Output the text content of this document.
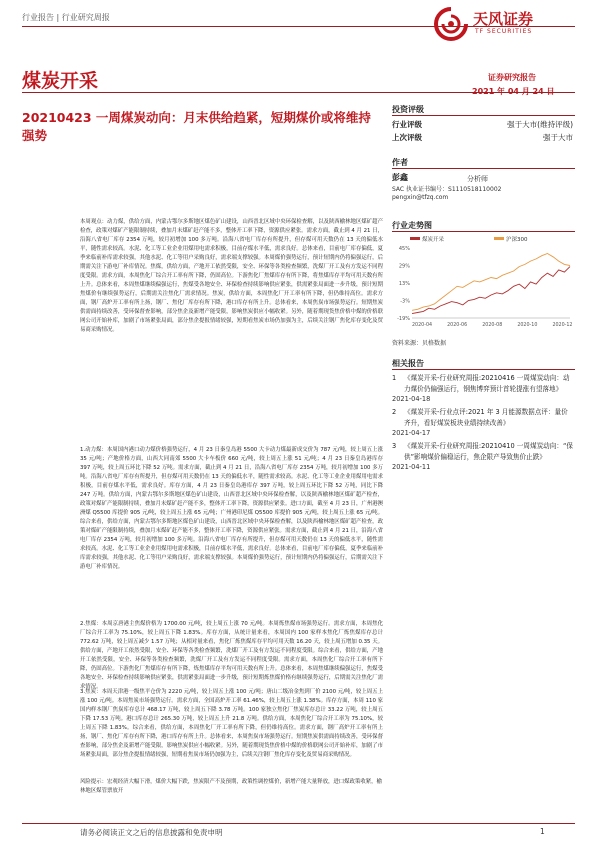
行业报告 | 行业研究周报	天风证券
TF SECURITIES
煤炭开采	证券研究报告
20210423 一周煤炭动向：月末供给趋紧，短期煤价或将维持强势
投资评级
行业评级	强于大市(维持评级)
上次评级	强于大市
作者
彭鑫	分析师
SAC 执业证书编号：S1110518110002
pengxin@tfzq.com
行业走势图
45%
29%
13%
-3%
-19%
2020-04	2020-06	2020-08	2020-10	2020-12
煤炭开采	沪深300
资料来源：贝格数据
相关报告
1	《煤炭开采-行业研究周报:20210416 一周煤炭动向：动力煤价仍偏强运行，钢焦博弈预计首轮提涨有望落地》
2021-04-18
2	《煤炭开采-行业点评:2021 年 3 月能源数据点评：量价齐升，看好煤炭板块业绩持续改善》
2021-04-17
3	《煤炭开采-行业研究周报:20210410 一周煤炭动向：“保供”影响煤价偏稳运行，焦企限产导致焦价止跌》
2021-04-11
本周观点：动力煤，供给方面，内蒙古鄂尔多斯地区煤色矿山建设，山西晋北区域中央环保检查解，以及陕西榆林地区煤矿超产检查，政策对煤矿产能限制持续，叠加月末煤矿赶产能不多，整体开工率下降，资源供应紧张。需求方面，截止到 4 月 21 日，沿海八省电厂库存 2354 万吨，较月初增加 100 多万吨。沿海八省电厂库存有所提升，但存煤可用天数仍在 13 天的偏低水平，随性需求较高。水泥、化工等工业企业用煤用电需求积极，目前存煤水平低，需求良好。总体来看，目前电厂库存偏低，夏季来临前补库需求较强，其他水泥、化工等用户采购良好，需求端支撑较强。本周煤价强势运行，预计短期内仍将偏强运行，后期需关注下游电厂补库情况。焦煤，供给方面，产地开工依然受限，安全、环保等各类检查频繁，洗煤厂开工及有方发运不同程度受限。需求方面，本周焦化厂综合开工率有所下降，仍固高位。下游焦化厂焦煤库存有所下降，将焦煤库存平均可用天数有所上升。总体来看，本周焦煤继续偏强运行，焦煤受各地安全、环保检查持续影响供应紧张，供需紧张局面进一步升级，预计短期焦煤价有继续强势运行，后期需关注焦化厂需求情况。焦炭，供给方面，本周焦化厂开工率有所下降，但仍维持高位。需求方面，钢厂高炉开工率有所上扬，钢厂、焦化厂库存有所下降，港口库存有所上升。总体看来，本周焦炭市场强势运行。短期焦炭供需面持续改善，受环保督查影响，部分焦企及新增产能受限，影响焦炭供应小幅收紧。另外，随着期现货焦价格中煤的价格联网公司开始补库，加剧了市场紧张局面，部分焦企提报情绪较强，短期看焦炭市场仍加强为主，后续关注钢厂焦化库存变化及贸易商采购情况。
1.动力煤：本周国内港口动力煤价格强势运行，4 月 23 日秦皇岛港 5500 大卡动力煤最新成交价为 787 元/吨，较上周五上涨 35 元/吨；产地价格方面，山西大同南郊 5500 大卡车板价 660 元/吨，较上周五上涨 51 元/吨；4 月 23 日秦皇岛港库存 397 万吨，较上周五环比下降 52 万吨。需求方面，截止到 4 月 21 日，沿海八省电厂库存 2354 万吨，较月初增加 100 多万吨。沿海八省电厂库存有所提升，但存煤可用天数仍在 13 天的偏低水平，随性需求较高。水泥、化工等工业企业用煤用电需求积极，目前存煤水平低，需求良好。库存方面，4 月 23 日秦皇岛港库存 397 万吨，较上周五环比下降 52 万吨，同比下降 247 万吨。供给方面，内蒙古鄂尔多斯地区煤色矿山建设，山西晋北区域中央环保检查解，以及陕西榆林地区煤矿超产检查，政策对煤矿产能限制持续，叠加月末煤矿赶产能不多，整体开工率下降，资源供应紧张。进口方面，截至 4 月 23 日，广州港澳洲煤 Q5500 库提价 905 元/吨，较上周五上涨 65 元/吨；广州港印尼煤 Q5500 库提价 905 元/吨，较上周五上涨 65 元/吨。综合来看，供给方面，内蒙古鄂尔多斯地区煤色矿山建设，山西晋北区域中央环保检查解，以及陕西榆林地区煤矿超产检查，政策对煤矿产能限制持续，叠加月末煤矿赶产能不多，整体开工率下降，资源供应紧张。需求方面，截止到 4 月 21 日，沿海八省电厂库存 2354 万吨，较月初增加 100 多万吨。沿海八省电厂库存有所提升，但存煤可用天数仍在 13 天的偏低水平，随性需求较高。水泥、化工等工业企业用煤用电需求积极，目前存煤水平低，需求良好。总体来看，目前电厂库存偏低，夏季来临前补库需求较强，其他水泥、化工等用户采购良好，需求端支撑较强。本周煤价强势运行，预计短期内仍将偏强运行，后期需关注下游电厂补库情况。
2.焦煤：本周京唐港主焦煤价格为 1700.00 元/吨，较上周五上涨 70 元/吨。本周炼焦煤市场强势运行。需求方面，本周焦化厂综合开工率为 75.10%，较上周五下降 1.83%。库存方面，从统计量来看，本周国内 100 家样本焦化厂炼焦煤库存总计 772.62 万吨，较上周五减少 1.57 万吨；从相对量来看，焦化厂炼焦煤库存平均可用天数 16.20 天，较上周五增加 0.35 天。供给方面，产地开工依然受限，安全、环保等各类检查频繁，洗煤厂开工及有方发运不同程度受限。综合来看，供给方面，产地开工依然受限，安全、环保等各类检查频繁，洗煤厂开工及有方发运不同程度受限。需求方面，本周焦化厂综合开工率有所下降，仍固高位。下游焦化厂焦煤库存有所下降，炼焦煤库存平均可用天数有所上升。总体来看，本周焦煤继续偏强运行，焦煤受各地安全、环保检查持续影响供应紧张，供需紧张局面进一步升级，预计短期炼焦煤价格有继续强势运行，后期需关注焦化厂需求情况。
3.焦炭：本周天津港一级焦平仓价为 2220 元/吨，较上周五上涨 100 元/吨；唐山二级冶金焦到厂价 2100 元/吨，较上周五上涨 100 元/吨。本周焦炭市场强势运行。需求方面，全国高炉开工率 61.46%，较上周五上涨 1.38%。库存方面，本周 110 家国内样本钢厂焦炭库存总计 468.17 万吨，较上周五下降 3.78 万吨。100 家独立焦化厂焦炭库存总计 33.22 万吨，较上周五下降 17.53 万吨。港口库存总计 265.30 万吨，较上周五上升 21.8 万吨。供给方面，本周焦化厂综合开工率为 75.10%，较上周五下降 1.83%。综合来看，供给方面，本周焦化厂开工率有所下降，但仍维持高位。需求方面，钢厂高炉开工率有所上扬，钢厂、焦化厂库存有所下降，港口库存有所上升。总体看来，本周焦炭市场强势运行。短期焦炭供需面持续改善，受环保督查影响，部分焦企及新增产能受限，影响焦炭供应小幅收紧。另外，随着期现货焦价格中煤的价格联网公司开始补库，加剧了市场紧张局面，部分焦企提报情绪较强，短期看焦炭市场仍加强为主，后续关注钢厂焦化库存变化及贸易商采购情况。
风险提示：宏观经济大幅下滑，煤价大幅下跌，焦炭限产不及预期，政策性调控煤价，新增产能大量释放，进口煤政策收紧，榆林地区煤管票放开
请务必阅读正文之后的信息披露和免责申明	1
